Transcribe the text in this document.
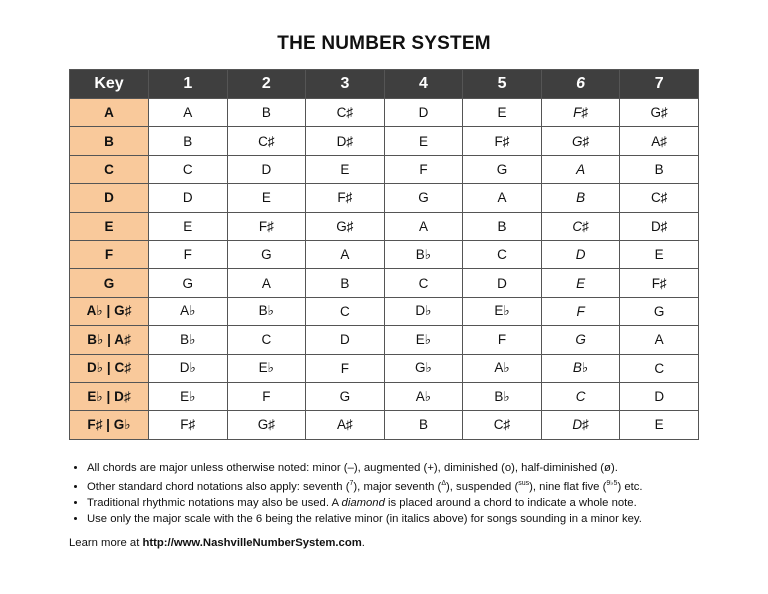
THE NUMBER SYSTEM
Key	1	2	3	4	5	6	7
A	A	B	C♯	D	E	F♯	G♯
B	B	C♯	D♯	E	F♯	G♯	A♯
C	C	D	E	F	G	A	B
D	D	E	F♯	G	A	B	C♯
E	E	F♯	G♯	A	B	C♯	D♯
F	F	G	A	B♭	C	D	E
G	G	A	B	C	D	E	F♯
A♭ | G♯	A♭	B♭	C	D♭	E♭	F	G
B♭ | A♯	B♭	C	D	E♭	F	G	A
D♭ | C♯	D♭	E♭	F	G♭	A♭	B♭	C
E♭ | D♯	E♭	F	G	A♭	B♭	C	D
F♯ | G♭	F♯	G♯	A♯	B	C♯	D♯	E
• All chords are major unless otherwise noted: minor (–), augmented (+), diminished (o), half-diminished (ø).
• Other standard chord notations also apply: seventh ($^7$), major seventh ($^\Delta$), suspended ($^{sus}$), nine flat five ($^{9♭5}$) etc.
• Traditional rhythmic notations may also be used. A diamond is placed around a chord to indicate a whole note.
• Use only the major scale with the 6 being the relative minor (in italics above) for songs sounding in a minor key.
Learn more at http://www.NashvilleNumberSystem.com.
